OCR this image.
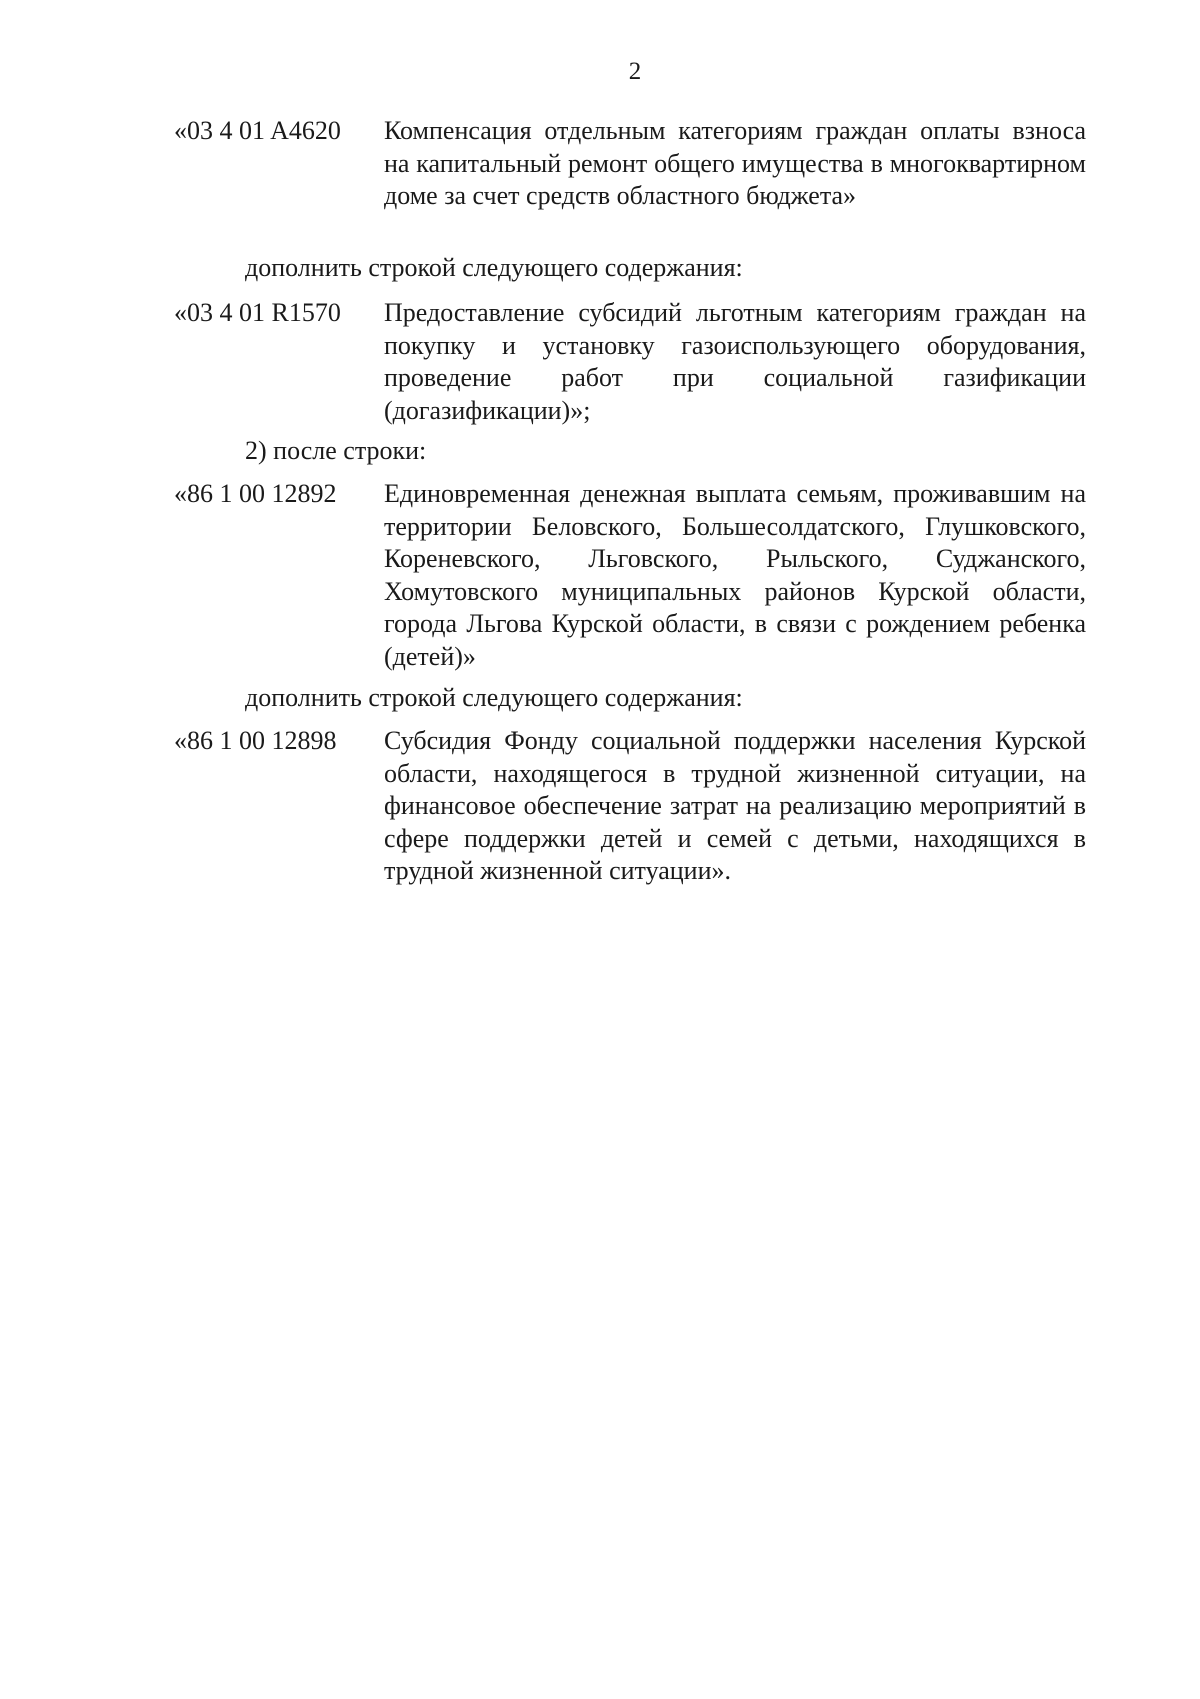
2
«03 4 01 A4620 Компенсация отдельным категориям граждан оплаты взноса на капитальный ремонт общего имущества в многоквартирном доме за счет средств областного бюджета»
дополнить строкой следующего содержания:
«03 4 01 R1570 Предоставление субсидий льготным категориям граждан на покупку и установку газоиспользующего оборудования, проведение работ при социальной газификации (догазификации)»;
2) после строки:
«86 1 00 12892 Единовременная денежная выплата семьям, проживавшим на территории Беловского, Большесолдатского, Глушковского, Кореневского, Льговского, Рыльского, Суджанского, Хомутовского муниципальных районов Курской области, города Льгова Курской области, в связи с рождением ребенка (детей)»
дополнить строкой следующего содержания:
«86 1 00 12898 Субсидия Фонду социальной поддержки населения Курской области, находящегося в трудной жизненной ситуации, на финансовое обеспечение затрат на реализацию мероприятий в сфере поддержки детей и семей с детьми, находящихся в трудной жизненной ситуации».
